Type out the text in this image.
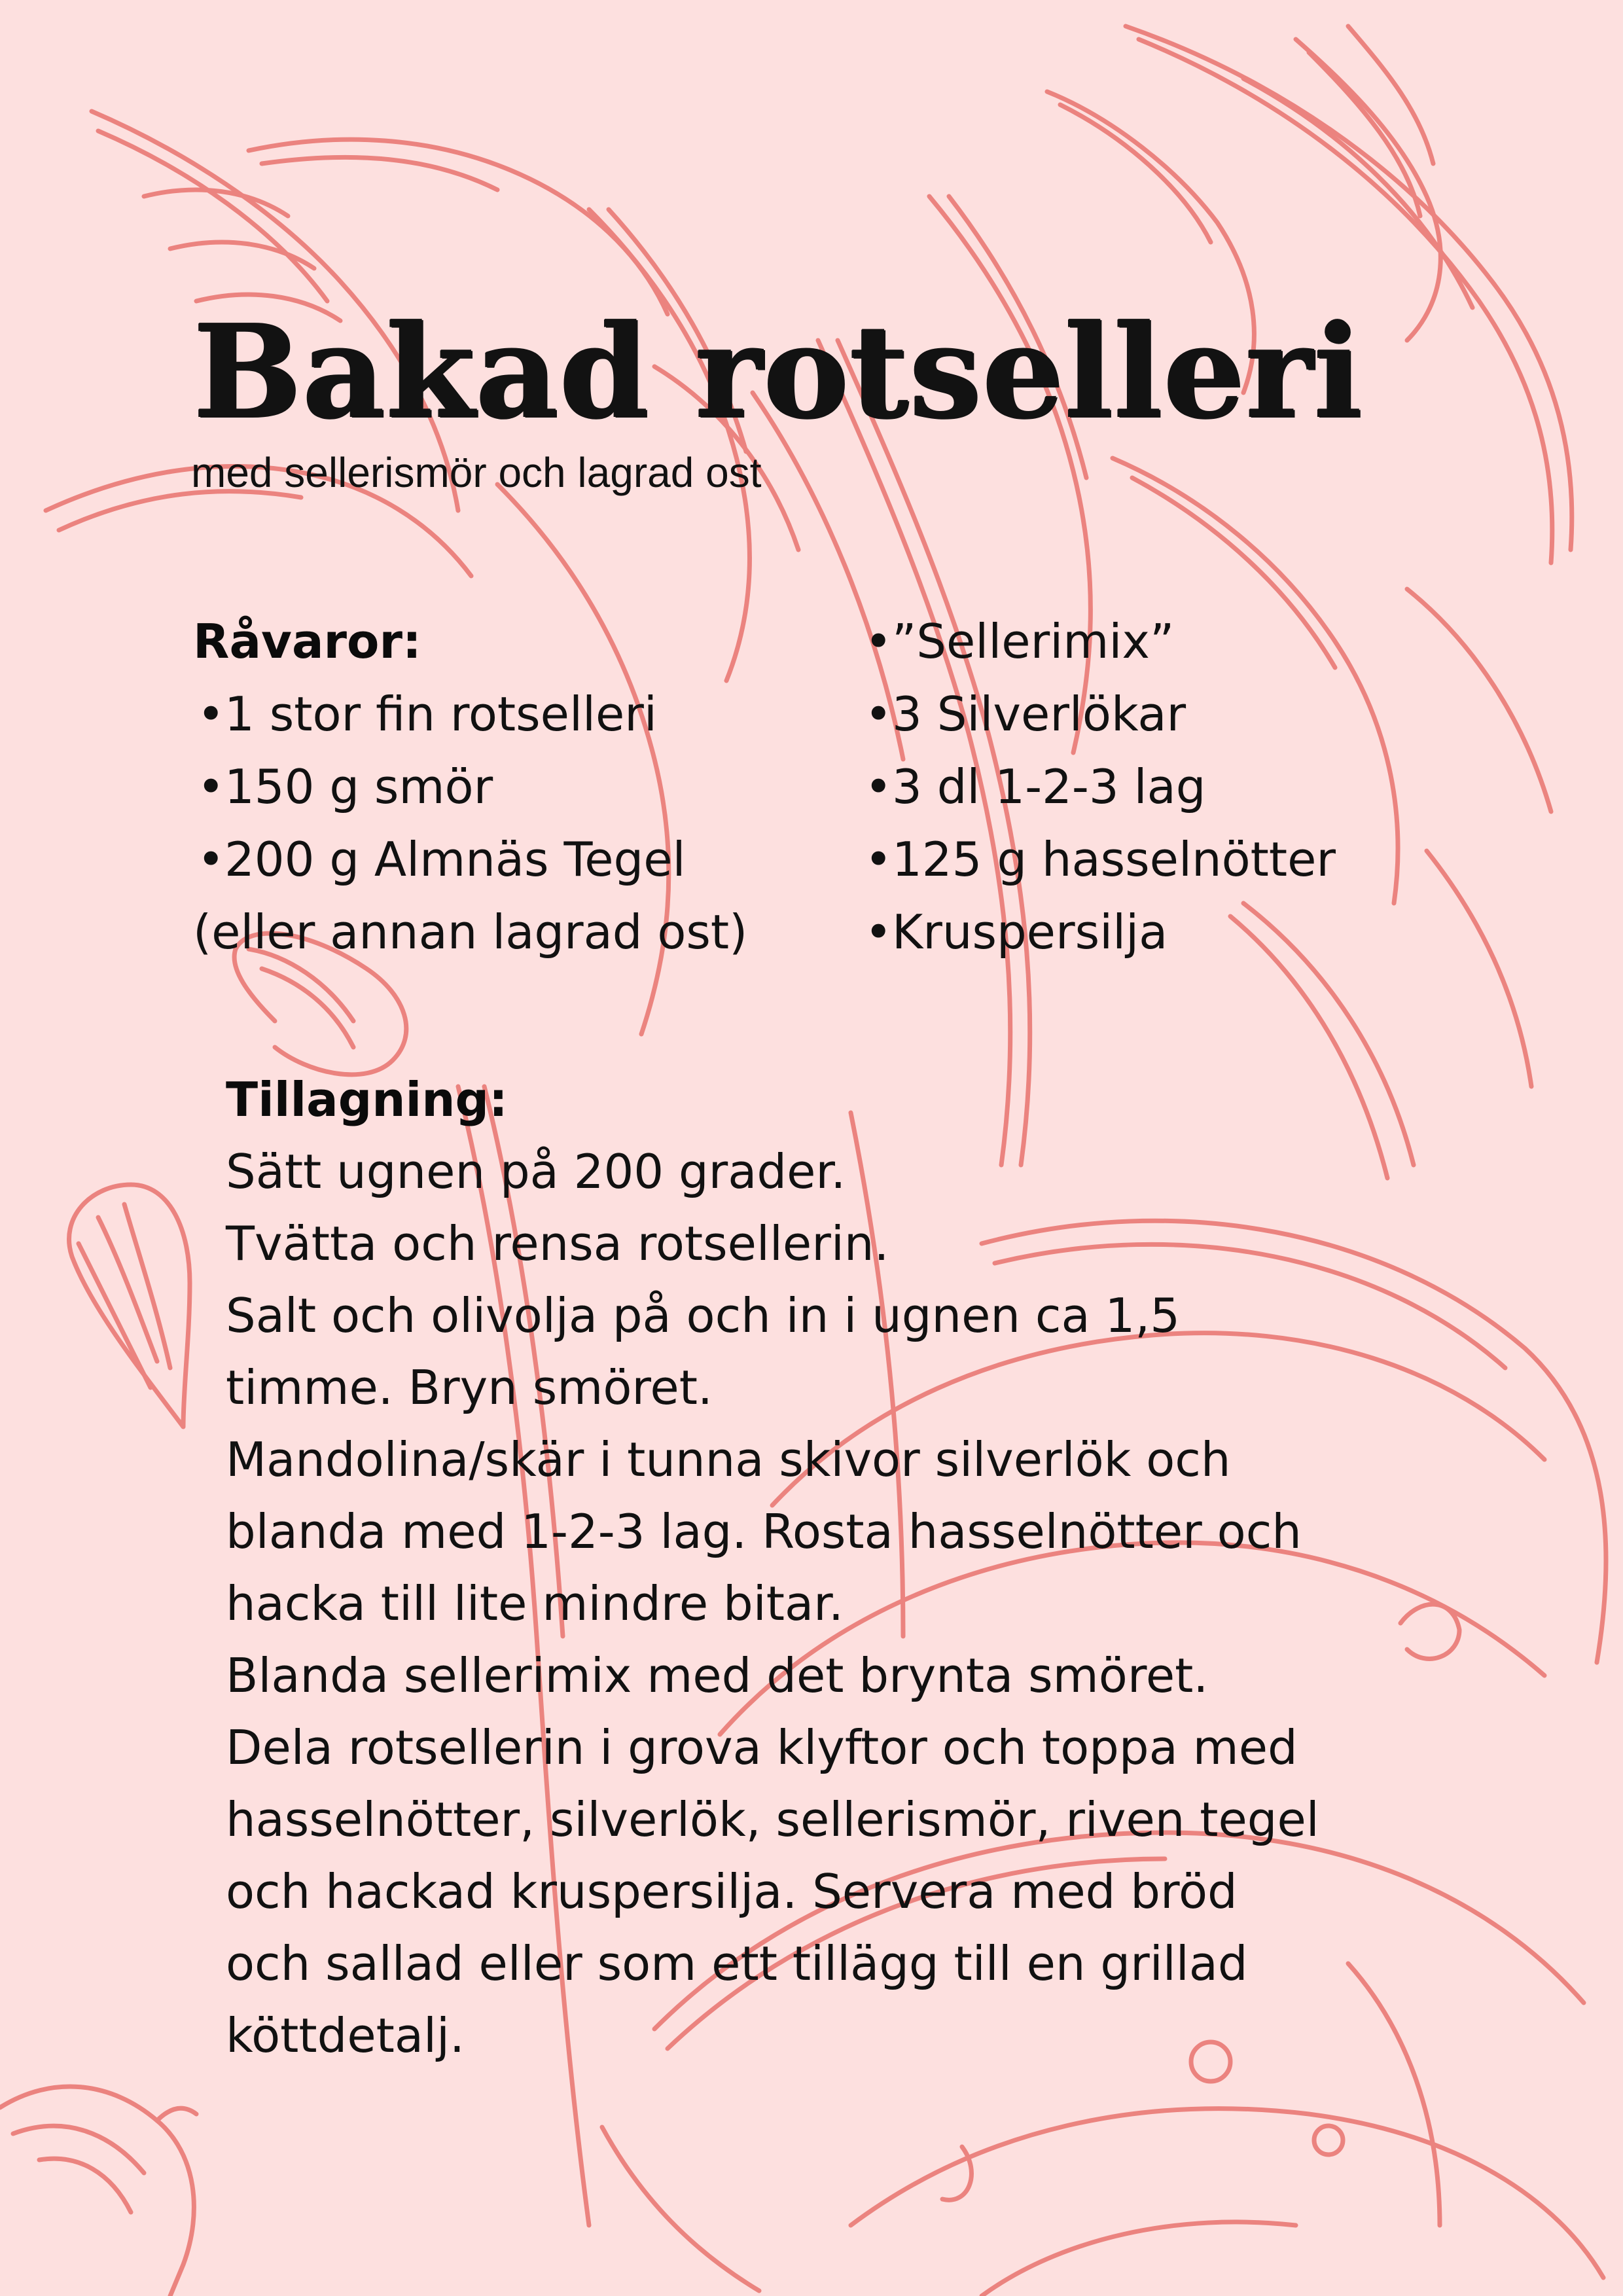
Bakad rotselleri

med sellerismör och lagrad ost

Råvaror:
•1 stor fin rotselleri
•150 g smör
•200 g Almnäs Tegel
(eller annan lagrad ost)
•”Sellerimix”
•3 Silverlökar
•3 dl 1-2-3 lag
•125 g hasselnötter
•Kruspersilja
Tillagning:

Sätt ugnen på 200 grader.

Tvätta och rensa rotsellerin.

Salt och olivolja på och in i ugnen ca 1,5

timme. Bryn smöret.

Mandolina/skär i tunna skivor silverlök och

blanda med 1-2-3 lag. Rosta hasselnötter och

hacka till lite mindre bitar.

Blanda sellerimix med det brynta smöret.

Dela rotsellerin i grova klyftor och toppa med

hasselnötter, silverlök, sellerismör, riven tegel

och hackad kruspersilja. Servera med bröd

och sallad eller som ett tillägg till en grillad

köttdetalj.
